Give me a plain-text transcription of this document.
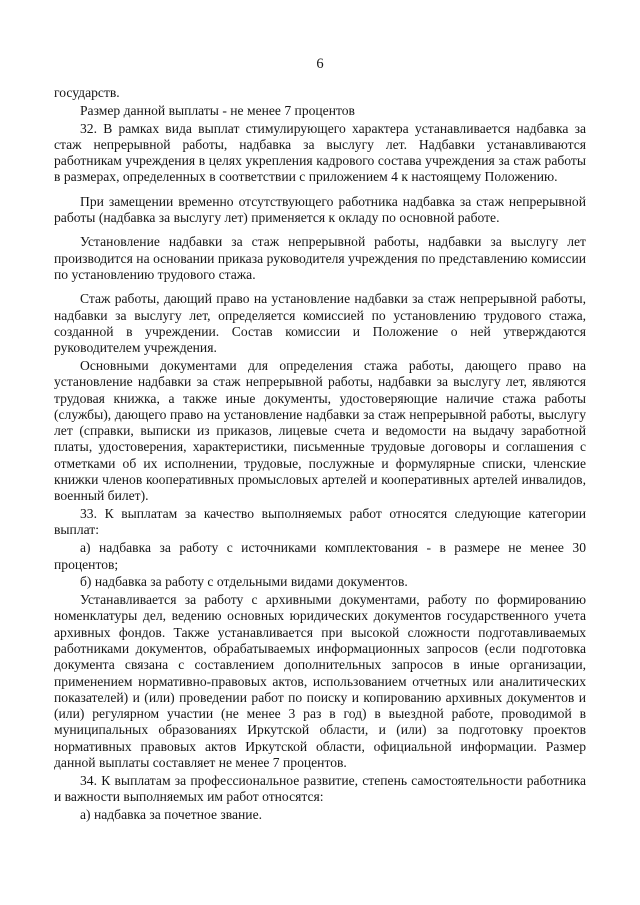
6

государств.

Размер данной выплаты - не менее 7 процентов

32. В рамках вида выплат стимулирующего характера устанавливается надбавка за стаж непрерывной работы, надбавка за выслугу лет. Надбавки устанавливаются работникам учреждения в целях укрепления кадрового состава учреждения за стаж работы в размерах, определенных в соответствии с приложением 4 к настоящему Положению.

При замещении временно отсутствующего работника надбавка за стаж непрерывной работы (надбавка за выслугу лет) применяется к окладу по основной работе.

Установление надбавки за стаж непрерывной работы, надбавки за выслугу лет производится на основании приказа руководителя учреждения по представлению комиссии по установлению трудового стажа.

Стаж работы, дающий право на установление надбавки за стаж непрерывной работы, надбавки за выслугу лет, определяется комиссией по установлению трудового стажа, созданной в учреждении. Состав комиссии и Положение о ней утверждаются руководителем учреждения.

Основными документами для определения стажа работы, дающего право на установление надбавки за стаж непрерывной работы, надбавки за выслугу лет, являются трудовая книжка, а также иные документы, удостоверяющие наличие стажа работы (службы), дающего право на установление надбавки за стаж непрерывной работы, выслугу лет (справки, выписки из приказов, лицевые счета и ведомости на выдачу заработной платы, удостоверения, характеристики, письменные трудовые договоры и соглашения с отметками об их исполнении, трудовые, послужные и формулярные списки, членские книжки членов кооперативных промысловых артелей и кооперативных артелей инвалидов, военный билет).

33. К выплатам за качество выполняемых работ относятся следующие категории выплат:

а) надбавка за работу с источниками комплектования - в размере не менее 30 процентов;

б) надбавка за работу с отдельными видами документов.

Устанавливается за работу с архивными документами, работу по формированию номенклатуры дел, ведению основных юридических документов государственного учета архивных фондов. Также устанавливается при высокой сложности подготавливаемых работниками документов, обрабатываемых информационных запросов (если подготовка документа связана с составлением дополнительных запросов в иные организации, применением нормативно-правовых актов, использованием отчетных или аналитических показателей) и (или) проведении работ по поиску и копированию архивных документов и (или) регулярном участии (не менее 3 раз в год) в выездной работе, проводимой в муниципальных образованиях Иркутской области, и (или) за подготовку проектов нормативных правовых актов Иркутской области, официальной информации. Размер данной выплаты составляет не менее 7 процентов.

34. К выплатам за профессиональное развитие, степень самостоятельности работника и важности выполняемых им работ относятся:

а) надбавка за почетное звание.
